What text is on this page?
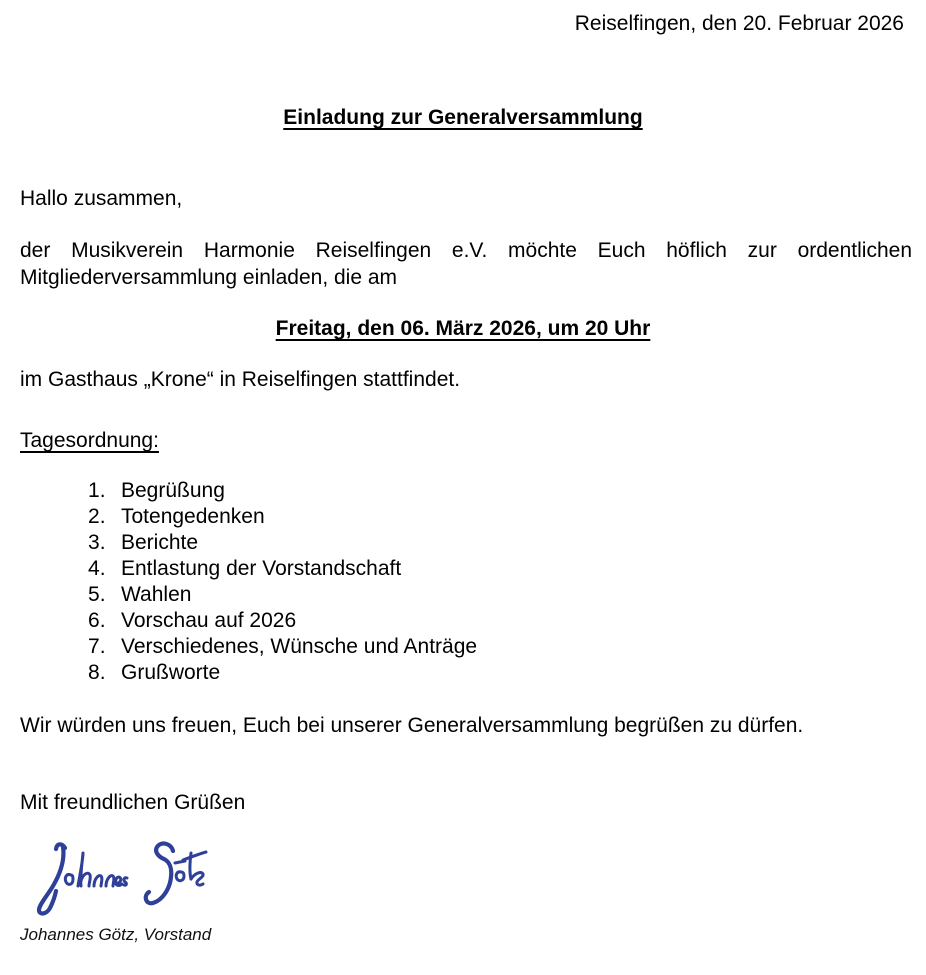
Reiselfingen, den 20. Februar 2026

Einladung zur Generalversammlung

Hallo zusammen,

der Musikverein Harmonie Reiselfingen e.V. möchte Euch höflich zur ordentlichen Mitgliederversammlung einladen, die am

Freitag, den 06. März 2026, um 20 Uhr

im Gasthaus „Krone“ in Reiselfingen stattfindet.

Tagesordnung:

Begrüßung
Totengedenken
Berichte
Entlastung der Vorstandschaft
Wahlen
Vorschau auf 2026
Verschiedenes, Wünsche und Anträge
Grußworte

Wir würden uns freuen, Euch bei unserer Generalversammlung begrüßen zu dürfen.

Mit freundlichen Grüßen

Johannes Götz, Vorstand
